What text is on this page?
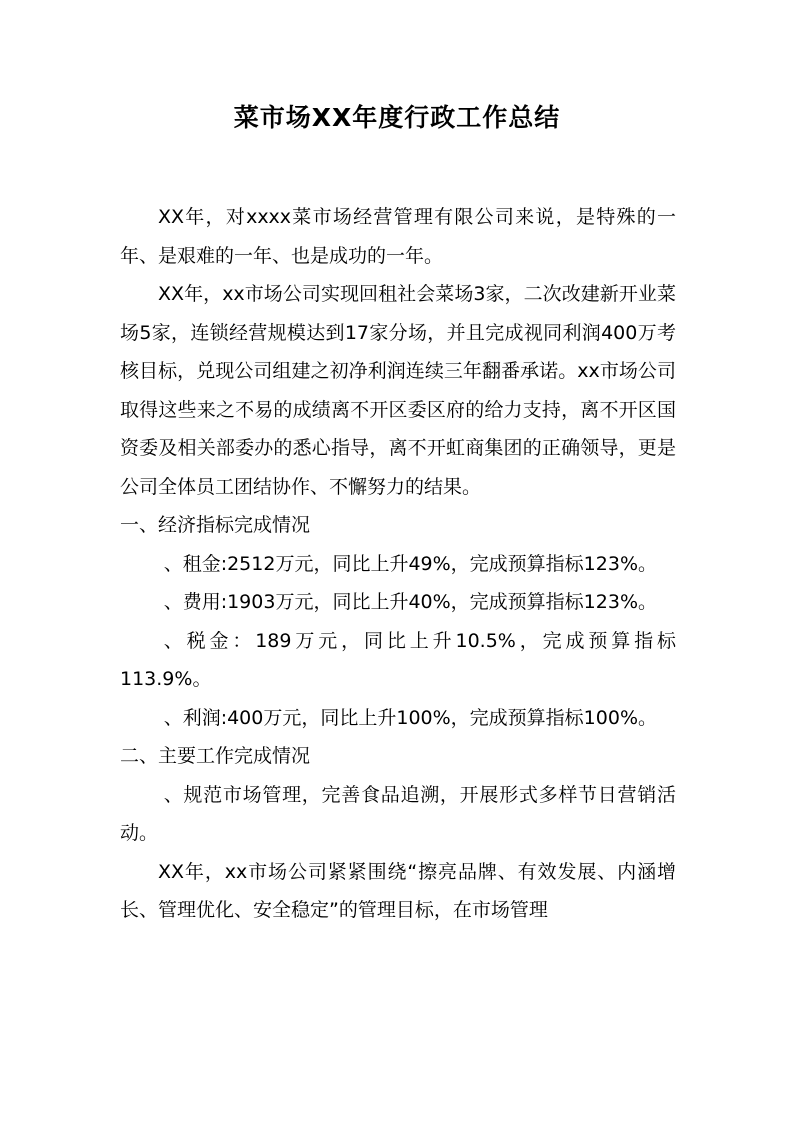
菜市场XX年度行政工作总结

XX年，对xxxx菜市场经营管理有限公司来说，是特殊的一年、是艰难的一年、也是成功的一年。

XX年，xx市场公司实现回租社会菜场3家，二次改建新开业菜场5家，连锁经营规模达到17家分场，并且完成视同利润400万考核目标，兑现公司组建之初净利润连续三年翻番承诺。xx市场公司取得这些来之不易的成绩离不开区委区府的给力支持，离不开区国资委及相关部委办的悉心指导，离不开虹商集团的正确领导，更是公司全体员工团结协作、不懈努力的结果。

一、经济指标完成情况

、租金:2512万元，同比上升49%，完成预算指标123%。

、费用:1903万元，同比上升40%，完成预算指标123%。

、税金：189万元，同比上升10.5%，完成预算指标113.9%。

、利润:400万元，同比上升100%，完成预算指标100%。

二、主要工作完成情况

、规范市场管理，完善食品追溯，开展形式多样节日营销活动。

XX年，xx市场公司紧紧围绕“擦亮品牌、有效发展、内涵增长、管理优化、安全稳定”的管理目标，在市场管理
